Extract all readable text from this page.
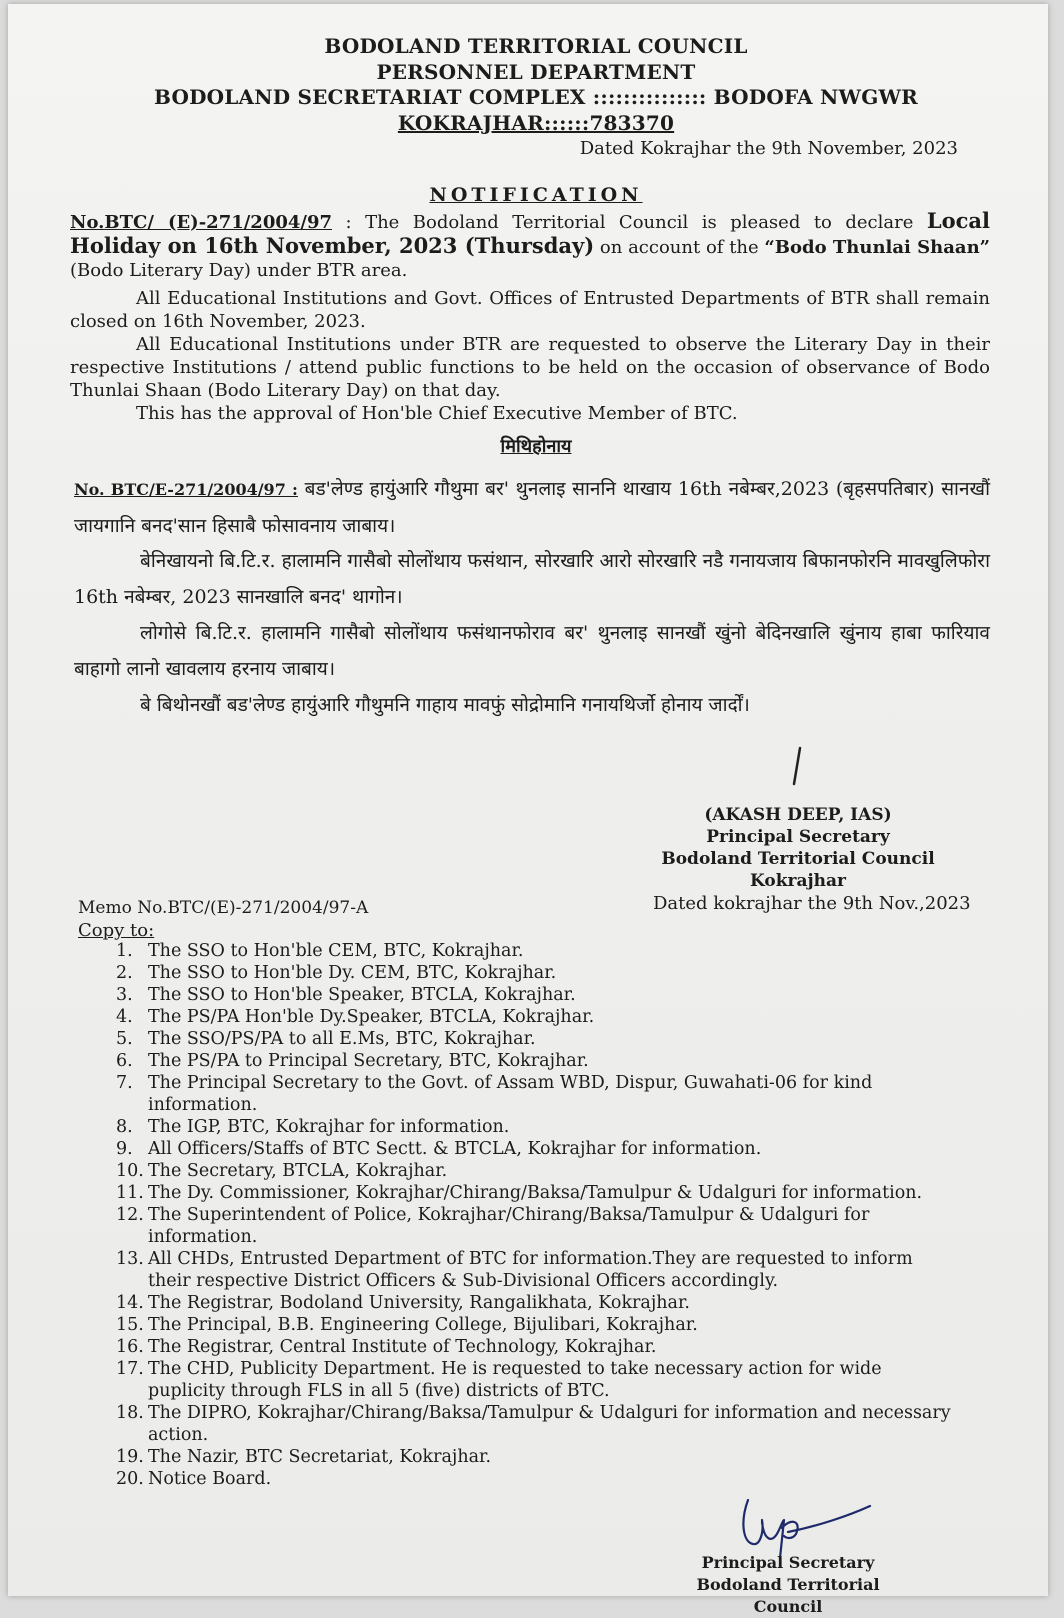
BODOLAND TERRITORIAL COUNCIL
PERSONNEL DEPARTMENT
BODOLAND SECRETARIAT COMPLEX ::::::::::::::: BODOFA NWGWR
KOKRAJHAR::::::783370
Dated Kokrajhar the 9th November, 2023
NOTIFICATION
No.BTC/ (E)-271/2004/97 : The Bodoland Territorial Council is pleased to declare Local Holiday on 16th November, 2023 (Thursday) on account of the “Bodo Thunlai Shaan” (Bodo Literary Day) under BTR area.
All Educational Institutions and Govt. Offices of Entrusted Departments of BTR shall remain closed on 16th November, 2023.
All Educational Institutions under BTR are requested to observe the Literary Day in their respective Institutions / attend public functions to be held on the occasion of observance of Bodo Thunlai Shaan (Bodo Literary Day) on that day.
This has the approval of Hon'ble Chief Executive Member of BTC.
मिथिहोनाय
No. BTC/E-271/2004/97 : बड'लेण्ड हायुंआरि गौथुमा बर' थुनलाइ साननि थाखाय 16th नबेम्बर,2023 (बृहसपतिबार) सानखौं जायगानि बनद'सान हिसाबै फोसावनाय जाबाय।
बेनिखायनो बि.टि.र. हालामनि गासैबो सोलोंथाय फसंथान, सोरखारि आरो सोरखारि नडै गनायजाय बिफानफोरनि मावखुलिफोरा 16th नबेम्बर, 2023 सानखालि बनद' थागोन।
लोगोसे बि.टि.र. हालामनि गासैबो सोलोंथाय फसंथानफोराव बर' थुनलाइ सानखौं खुंनो बेदिनखालि खुंनाय हाबा फारियाव बाहागो लानो खावलाय हरनाय जाबाय।
बे बिथोनखौं बड'लेण्ड हायुंआरि गौथुमनि गाहाय मावफुं सोद्रोमानि गनायथिर्जो होनाय जार्दों।
(AKASH DEEP, IAS)
Principal Secretary
Bodoland Territorial Council
Kokrajhar
Memo No.BTC/(E)-271/2004/97-A	Dated kokrajhar the 9th Nov.,2023
Copy to:
1. The SSO to Hon'ble CEM, BTC, Kokrajhar.
2. The SSO to Hon'ble Dy. CEM, BTC, Kokrajhar.
3. The SSO to Hon'ble Speaker, BTCLA, Kokrajhar.
4. The PS/PA Hon'ble Dy.Speaker, BTCLA, Kokrajhar.
5. The SSO/PS/PA to all E.Ms, BTC, Kokrajhar.
6. The PS/PA to Principal Secretary, BTC, Kokrajhar.
7. The Principal Secretary to the Govt. of Assam WBD, Dispur, Guwahati-06 for kind information.
8. The IGP, BTC, Kokrajhar for information.
9. All Officers/Staffs of BTC Sectt. & BTCLA, Kokrajhar for information.
10. The Secretary, BTCLA, Kokrajhar.
11. The Dy. Commissioner, Kokrajhar/Chirang/Baksa/Tamulpur & Udalguri for information.
12. The Superintendent of Police, Kokrajhar/Chirang/Baksa/Tamulpur & Udalguri for information.
13. All CHDs, Entrusted Department of BTC for information.They are requested to inform their respective District Officers & Sub-Divisional Officers accordingly.
14. The Registrar, Bodoland University, Rangalikhata, Kokrajhar.
15. The Principal, B.B. Engineering College, Bijulibari, Kokrajhar.
16. The Registrar, Central Institute of Technology, Kokrajhar.
17. The CHD, Publicity Department. He is requested to take necessary action for wide puplicity through FLS in all 5 (five) districts of BTC.
18. The DIPRO, Kokrajhar/Chirang/Baksa/Tamulpur & Udalguri for information and necessary action.
19. The Nazir, BTC Secretariat, Kokrajhar.
20. Notice Board.
Principal Secretary
Bodoland Territorial Council
